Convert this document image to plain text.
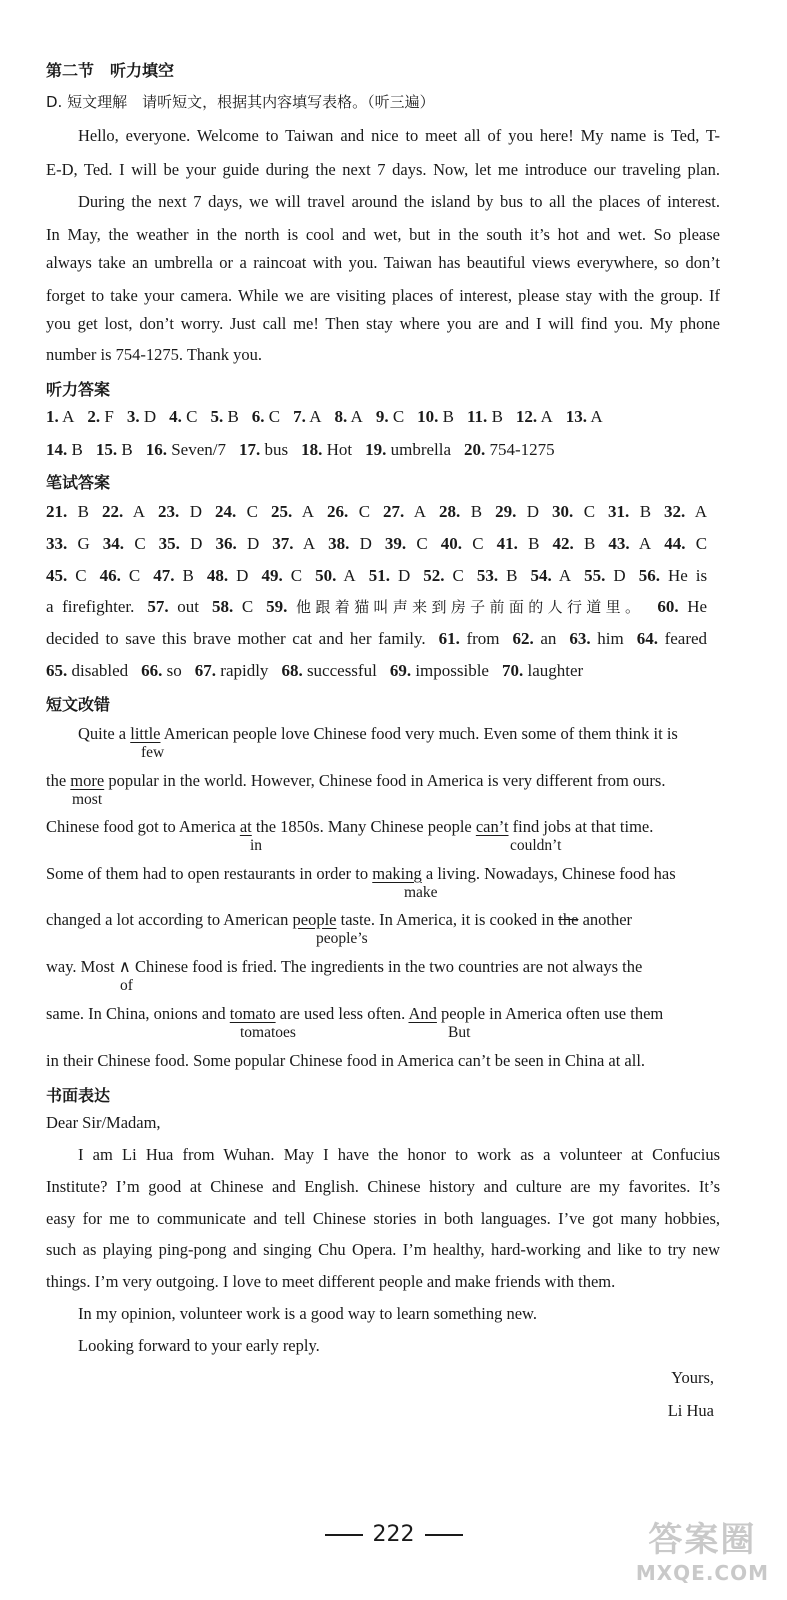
第二节　听力填空
D. 短文理解　请听短文，根据其内容填写表格。（听三遍）
Hello, everyone. Welcome to Taiwan and nice to meet all of you here! My name is Ted, T-
E-D, Ted. I will be your guide during the next 7 days. Now, let me introduce our traveling plan.
During the next 7 days, we will travel around the island by bus to all the places of interest.
In May, the weather in the north is cool and wet, but in the south it’s hot and wet. So please
always take an umbrella or a raincoat with you. Taiwan has beautiful views everywhere, so don’t
forget to take your camera. While we are visiting places of interest, please stay with the group. If
you get lost, don’t worry. Just call me! Then stay where you are and I will find you. My phone
number is 754-1275. Thank you.
听力答案
1. A 2. F 3. D 4. C 5. B 6. C 7. A 8. A 9. C 10. B 11. B 12. A 13. A
14. B 15. B 16. Seven/7 17. bus 18. Hot 19. umbrella 20. 754-1275
笔试答案
21. B 22. A 23. D 24. C 25. A 26. C 27. A 28. B 29. D 30. C 31. B 32. A
33. G 34. C 35. D 36. D 37. A 38. D 39. C 40. C 41. B 42. B 43. A 44. C
45. C 46. C 47. B 48. D 49. C 50. A 51. D 52. C 53. B 54. A 55. D 56. He is
a firefighter. 57. out 58. C 59. 他跟着猫叫声来到房子前面的人行道里。 60. He
decided to save this brave mother cat and her family. 61. from 62. an 63. him 64. feared
65. disabled 66. so 67. rapidly 68. successful 69. impossible 70. laughter
短文改错
Quite a little American people love Chinese food very much. Even some of them think it is
few
the more popular in the world. However, Chinese food in America is very different from ours.
most
Chinese food got to America at the 1850s. Many Chinese people can’t find jobs at that time.
in	couldn’t
Some of them had to open restaurants in order to making a living. Nowadays, Chinese food has
make
changed a lot according to American people taste. In America, it is cooked in the another
people’s
way. Most ∧ Chinese food is fried. The ingredients in the two countries are not always the
of
same. In China, onions and tomato are used less often. And people in America often use them
tomatoes	But
in their Chinese food. Some popular Chinese food in America can’t be seen in China at all.
书面表达
Dear Sir/Madam,
I am Li Hua from Wuhan. May I have the honor to work as a volunteer at Confucius
Institute? I’m good at Chinese and English. Chinese history and culture are my favorites. It’s
easy for me to communicate and tell Chinese stories in both languages. I’ve got many hobbies,
such as playing ping-pong and singing Chu Opera. I’m healthy, hard-working and like to try new
things. I’m very outgoing. I love to meet different people and make friends with them.
In my opinion, volunteer work is a good way to learn something new.
Looking forward to your early reply.
Yours,
Li Hua
222	答案圈
MXQE.COM
